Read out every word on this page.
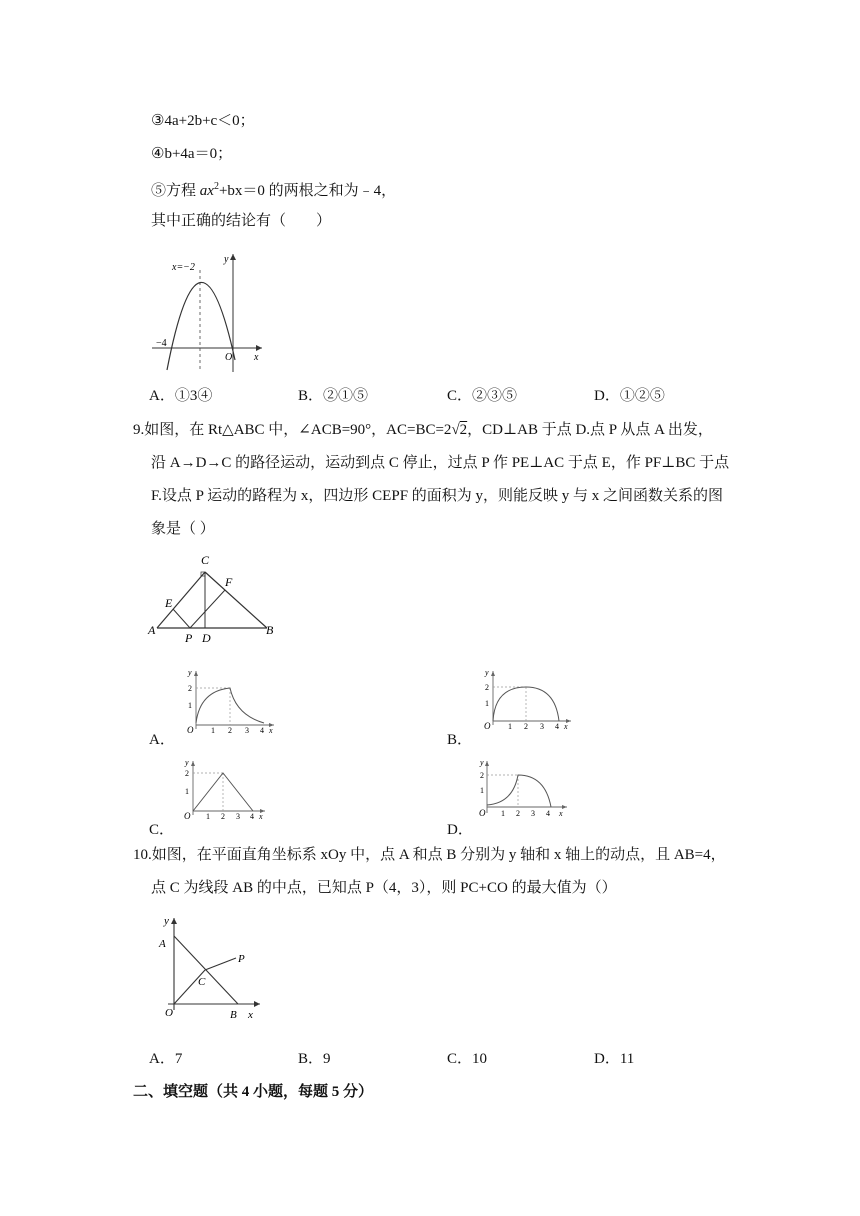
③4a+2b+c＜0；
④b+4a＝0；
⑤方程 $ax^2+bx=0$ 的两根之和为﹣4，
其中正确的结论有（　　）
x=−2
y
x
O
−4
A．①3④	B．②①⑤	C．②③⑤	D．①②⑤
9.如图，在 Rt△ABC 中，∠ACB=90°，AC=BC=2√2，CD⊥AB 于点 D.点 P 从点 A 出发，
沿 A→D→C 的路径运动，运动到点 C 停止，过点 P 作 PE⊥AC 于点 E，作 PF⊥BC 于点
F.设点 P 运动的路程为 x，四边形 CEPF 的面积为 y，则能反映 y 与 x 之间函数关系的图
象是（ ）
C
E
F
A
P D
B
y
2
1
O 1 2 3 4 x
A．
y
2
1
O 1 2 3 4 x
B．
y
2
1
O 1 2 3 4 x
C．
y
2
1
O 1 2 3 4 x
D．
10.如图，在平面直角坐标系 xOy 中，点 A 和点 B 分别为 y 轴和 x 轴上的动点，且 AB=4，
点 C 为线段 AB 的中点，已知点 P（4，3），则 PC+CO 的最大值为（）
y
A
P
C
O	B x
A．7	B．9	C．10	D．11
二、填空题（共 4 小题，每题 5 分）
